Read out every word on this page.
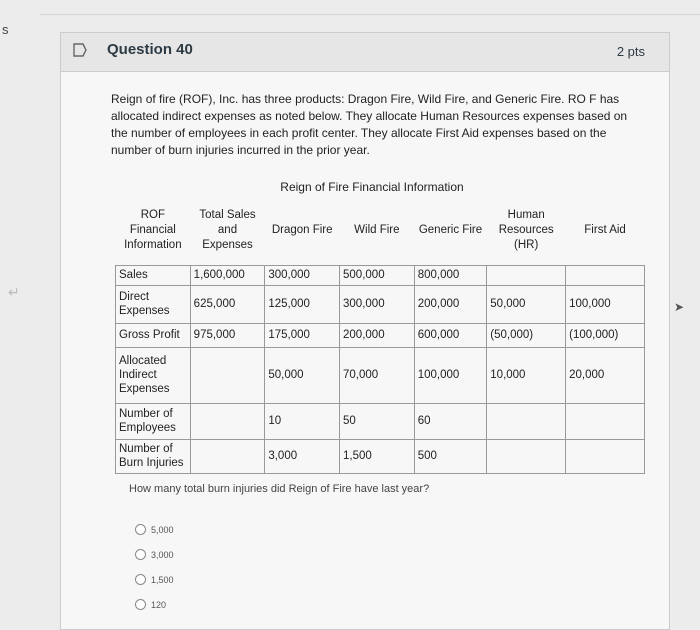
s
↵
➤
Question 40	2 pts
Reign of fire (ROF), Inc. has three products: Dragon Fire, Wild Fire, and Generic Fire. RO F has allocated indirect expenses as noted below. They allocate Human Resources expenses based on the number of employees in each profit center. They allocate First Aid expenses based on the number of burn injuries incurred in the prior year.
Reign of Fire Financial Information
ROF Financial Information	Total Sales and Expenses	Dragon Fire	Wild Fire	Generic Fire	Human Resources (HR)	First Aid
Sales	1,600,000	300,000	500,000	800,000		
Direct Expenses	625,000	125,000	300,000	200,000	50,000	100,000
Gross Profit	975,000	175,000	200,000	600,000	(50,000)	(100,000)
Allocated Indirect Expenses		50,000	70,000	100,000	10,000	20,000
Number of Employees		10	50	60		
Number of Burn Injuries		3,000	1,500	500		
How many total burn injuries did Reign of Fire have last year?
5,000
3,000
1,500
120
